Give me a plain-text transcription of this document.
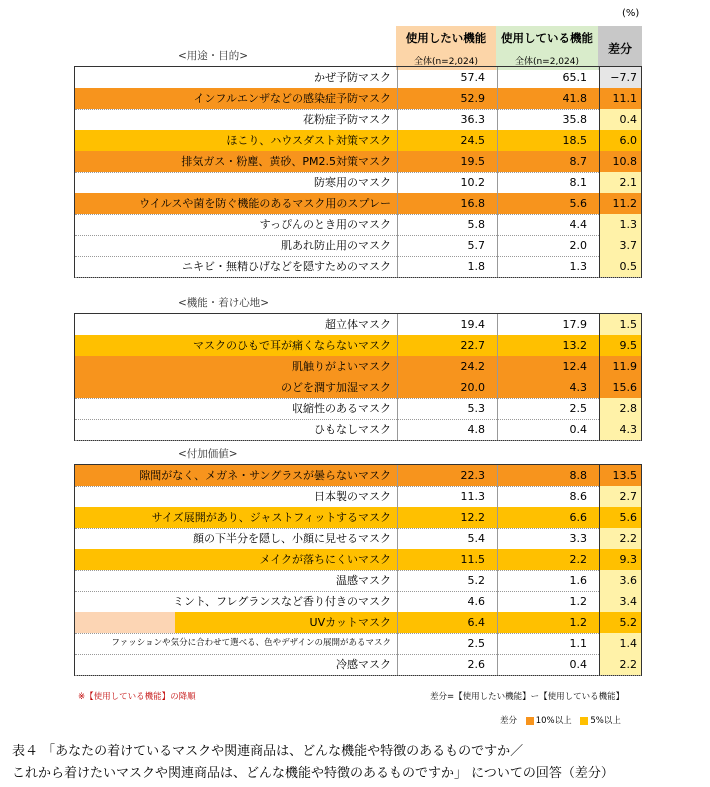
(%)
使用したい機能
全体(n=2,024)
使用している機能
全体(n=2,024)
差分
<用途・目的>
かぜ予防マスク	57.4	65.1	−7.7
インフルエンザなどの感染症予防マスク	52.9	41.8	11.1
花粉症予防マスク	36.3	35.8	0.4
ほこり、ハウスダスト対策マスク	24.5	18.5	6.0
排気ガス・粉塵、黄砂、PM2.5対策マスク	19.5	8.7	10.8
防寒用のマスク	10.2	8.1	2.1
ウイルスや菌を防ぐ機能のあるマスク用のスプレー	16.8	5.6	11.2
すっぴんのとき用のマスク	5.8	4.4	1.3
肌あれ防止用のマスク	5.7	2.0	3.7
ニキビ・無精ひげなどを隠すためのマスク	1.8	1.3	0.5
<機能・着け心地>
超立体マスク	19.4	17.9	1.5
マスクのひもで耳が痛くならないマスク	22.7	13.2	9.5
肌触りがよいマスク	24.2	12.4	11.9
のどを潤す加湿マスク	20.0	4.3	15.6
収縮性のあるマスク	5.3	2.5	2.8
ひもなしマスク	4.8	0.4	4.3
<付加価値>
隙間がなく、メガネ・サングラスが曇らないマスク	22.3	8.8	13.5
日本製のマスク	11.3	8.6	2.7
サイズ展開があり、ジャストフィットするマスク	12.2	6.6	5.6
顔の下半分を隠し、小顔に見せるマスク	5.4	3.3	2.2
メイクが落ちにくいマスク	11.5	2.2	9.3
温感マスク	5.2	1.6	3.6
ミント、フレグランスなど香り付きのマスク	4.6	1.2	3.4
UVカットマスク	6.4	1.2	5.2
ファッションや気分に合わせて選べる、色やデザインの展開があるマスク	2.5	1.1	1.4
冷感マスク	2.6	0.4	2.2
※【使用している機能】の降順	差分=【使用したい機能】ー【使用している機能】
差分 10%以上 5%以上
表４ 「あなたの着けているマスクや関連商品は、どんな機能や特徴のあるものですか／
これから着けたいマスクや関連商品は、どんな機能や特徴のあるものですか」 についての回答（差分）
